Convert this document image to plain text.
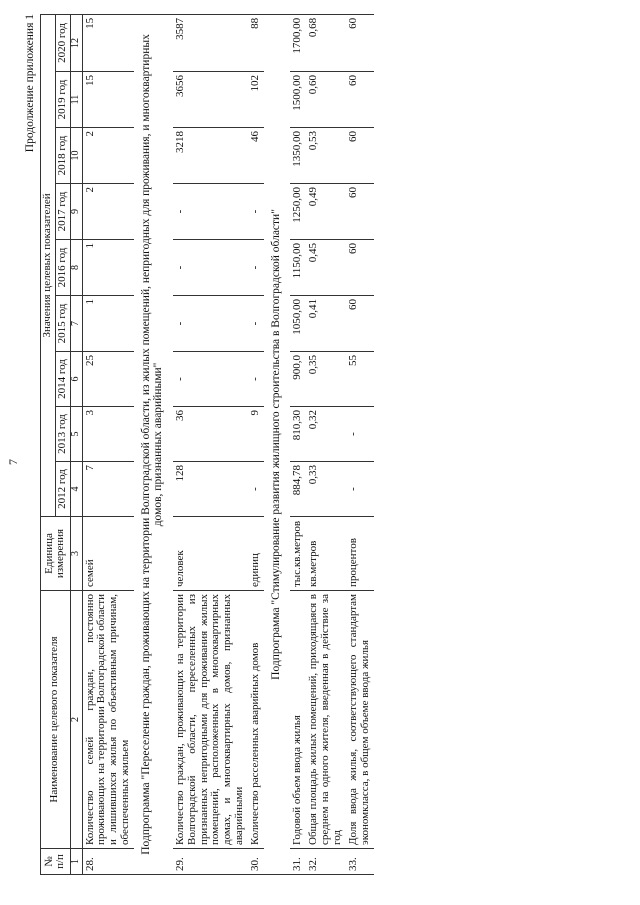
7
Продолжение приложения 1
№ п/п	Наименование целевого показателя	Единица измерения	Значения целевых показателей								
			2012 год	2013 год	2014 год	2015 год	2016 год	2017 год	2018 год	2019 год	2020 год
1	2	3	4	5	6	7	8	9	10	11	12
28.	Количество семей граждан, постоянно проживающих на территории Волгоградской области и лишившихся жилья по объективным причинам, обеспеченных жильем	семей	7	3	25	1	1	2	2	15	15
Подпрограмма "Переселение граждан, проживающих на территории Волгоградской области, из жилых помещений, непригодных для проживания, и многоквартирных домов, признанных аварийными"											
29.	Количество граждан, проживающих на территории Волгоградской области, переселенных из признанных непригодными для проживания жилых помещений, расположенных в многоквартирных домах, и многоквартирных домов, признанных аварийными	человек	128	36	-	-	-	-	3218	3656	3587
30.	Количество расселенных аварийных домов	единиц	-	9	-	-	-	-	46	102	88
Подпрограмма "Стимулирование развития жилищного строительства в Волгоградской области"											
31.	Годовой объем ввода жилья	тыс.кв.метров	884,78	810,30	900,0	1050,00	1150,00	1250,00	1350,00	1500,00	1700,00
32.	Общая площадь жилых помещений, приходящаяся в среднем на одного жителя, введенная в действие за год	кв.метров	0,33	0,32	0,35	0,41	0,45	0,49	0,53	0,60	0,68
33.	Доля ввода жилья, соответствующего стандартам экономкласса, в общем объеме ввода жилья	процентов	-	-	55	60	60	60	60	60	60
